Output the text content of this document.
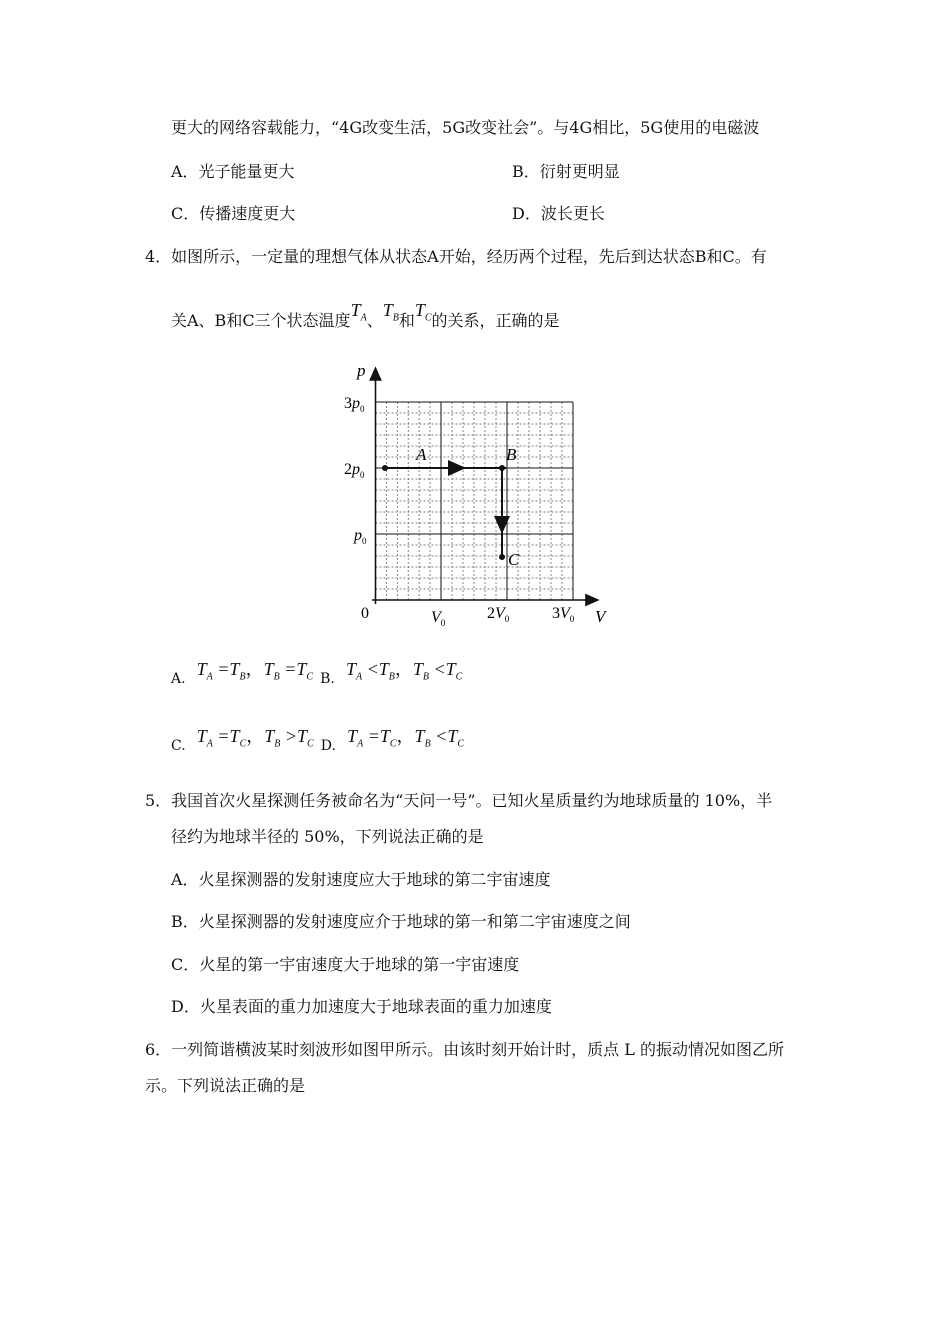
更大的网络容载能力，“4G改变生活，5G改变社会”。与4G相比，5G使用的电磁波
A．光子能量更大	B．衍射更明显
C．传播速度更大	D．波长更长
4．如图所示，一定量的理想气体从状态A开始，经历两个过程，先后到达状态B和C。有
关A、B和C三个状态温度$T_A$、$T_B$和$T_C$的关系，正确的是
A	B
C
p
V
0
$3p_0$
$2p_0$
$p_0$
$V_0$
$2V_0$	$3V_0$
A. $T_A =T_B$，$T_B =T_C$ B. $T_A <T_B$，$T_B <T_C$
C. $T_A =T_C$，$T_B >T_C$ D. $T_A =T_C$，$T_B <T_C$
5．我国首次火星探测任务被命名为“天问一号”。已知火星质量约为地球质量的 10%，半
径约为地球半径的 50%，下列说法正确的是
A．火星探测器的发射速度应大于地球的第二宇宙速度
B．火星探测器的发射速度应介于地球的第一和第二宇宙速度之间
C．火星的第一宇宙速度大于地球的第一宇宙速度
D．火星表面的重力加速度大于地球表面的重力加速度
6．一列简谐横波某时刻波形如图甲所示。由该时刻开始计时，质点 L 的振动情况如图乙所
示。下列说法正确的是
